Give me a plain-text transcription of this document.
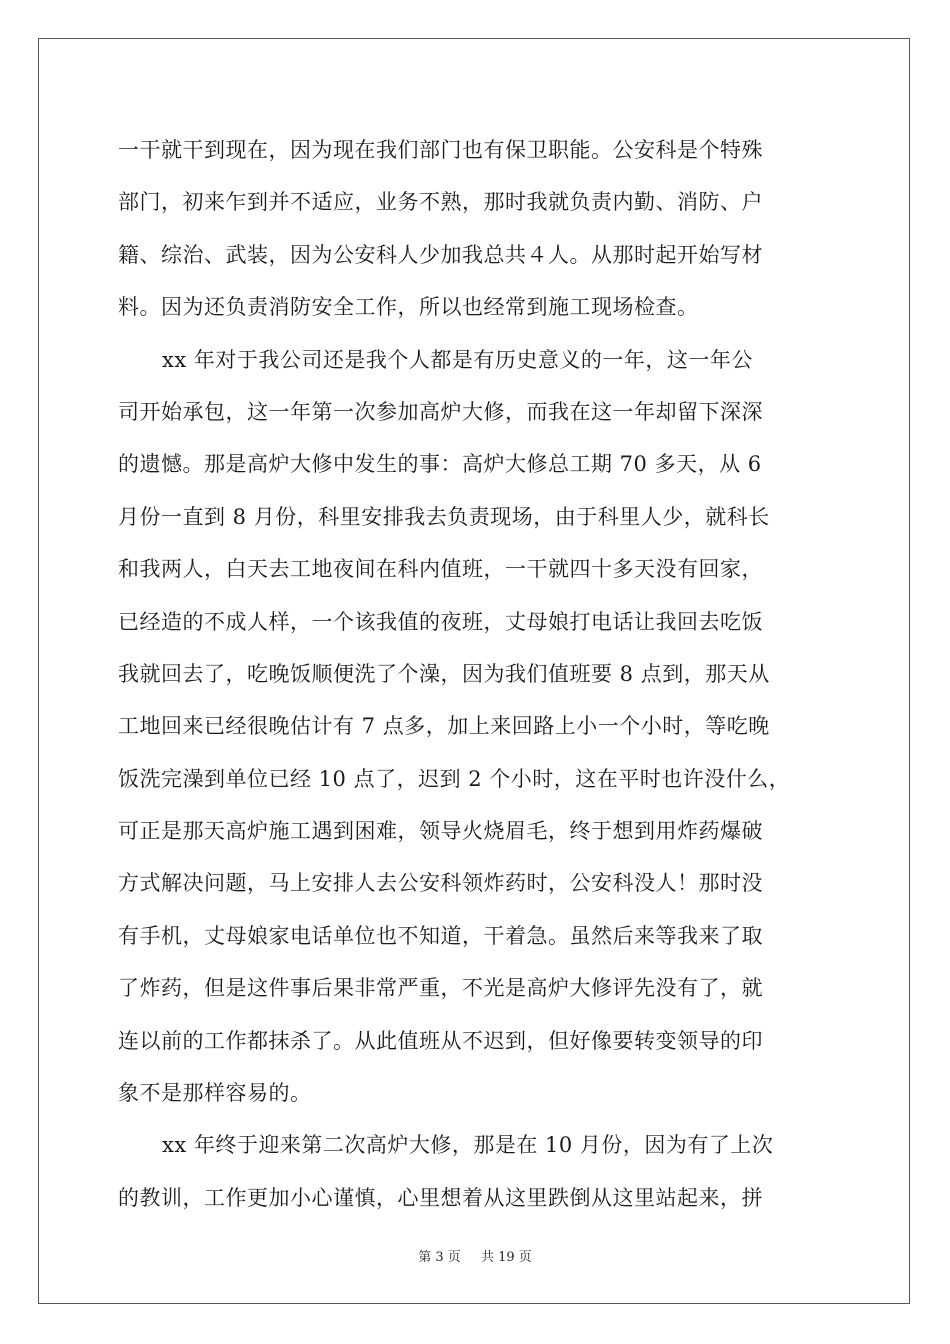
一干就干到现在，因为现在我们部门也有保卫职能。公安科是个特殊
部门，初来乍到并不适应，业务不熟，那时我就负责内勤、消防、户
籍、综治、武装，因为公安科人少加我总共４人。从那时起开始写材
料。因为还负责消防安全工作，所以也经常到施工现场检查。
xx 年对于我公司还是我个人都是有历史意义的一年，这一年公
司开始承包，这一年第一次参加高炉大修，而我在这一年却留下深深
的遗憾。那是高炉大修中发生的事：高炉大修总工期 70 多天，从 6
月份一直到 8 月份，科里安排我去负责现场，由于科里人少，就科长
和我两人，白天去工地夜间在科内值班，一干就四十多天没有回家，
已经造的不成人样，一个该我值的夜班，丈母娘打电话让我回去吃饭
我就回去了，吃晚饭顺便洗了个澡，因为我们值班要 8 点到，那天从
工地回来已经很晚估计有 7 点多，加上来回路上小一个小时，等吃晚
饭洗完澡到单位已经 10 点了，迟到 2 个小时，这在平时也许没什么，
可正是那天高炉施工遇到困难，领导火烧眉毛，终于想到用炸药爆破
方式解决问题，马上安排人去公安科领炸药时，公安科没人！那时没
有手机，丈母娘家电话单位也不知道，干着急。虽然后来等我来了取
了炸药，但是这件事后果非常严重，不光是高炉大修评先没有了，就
连以前的工作都抹杀了。从此值班从不迟到，但好像要转变领导的印
象不是那样容易的。
xx 年终于迎来第二次高炉大修，那是在 10 月份，因为有了上次
的教训，工作更加小心谨慎，心里想着从这里跌倒从这里站起来，拼
第 3 页 共 19 页
